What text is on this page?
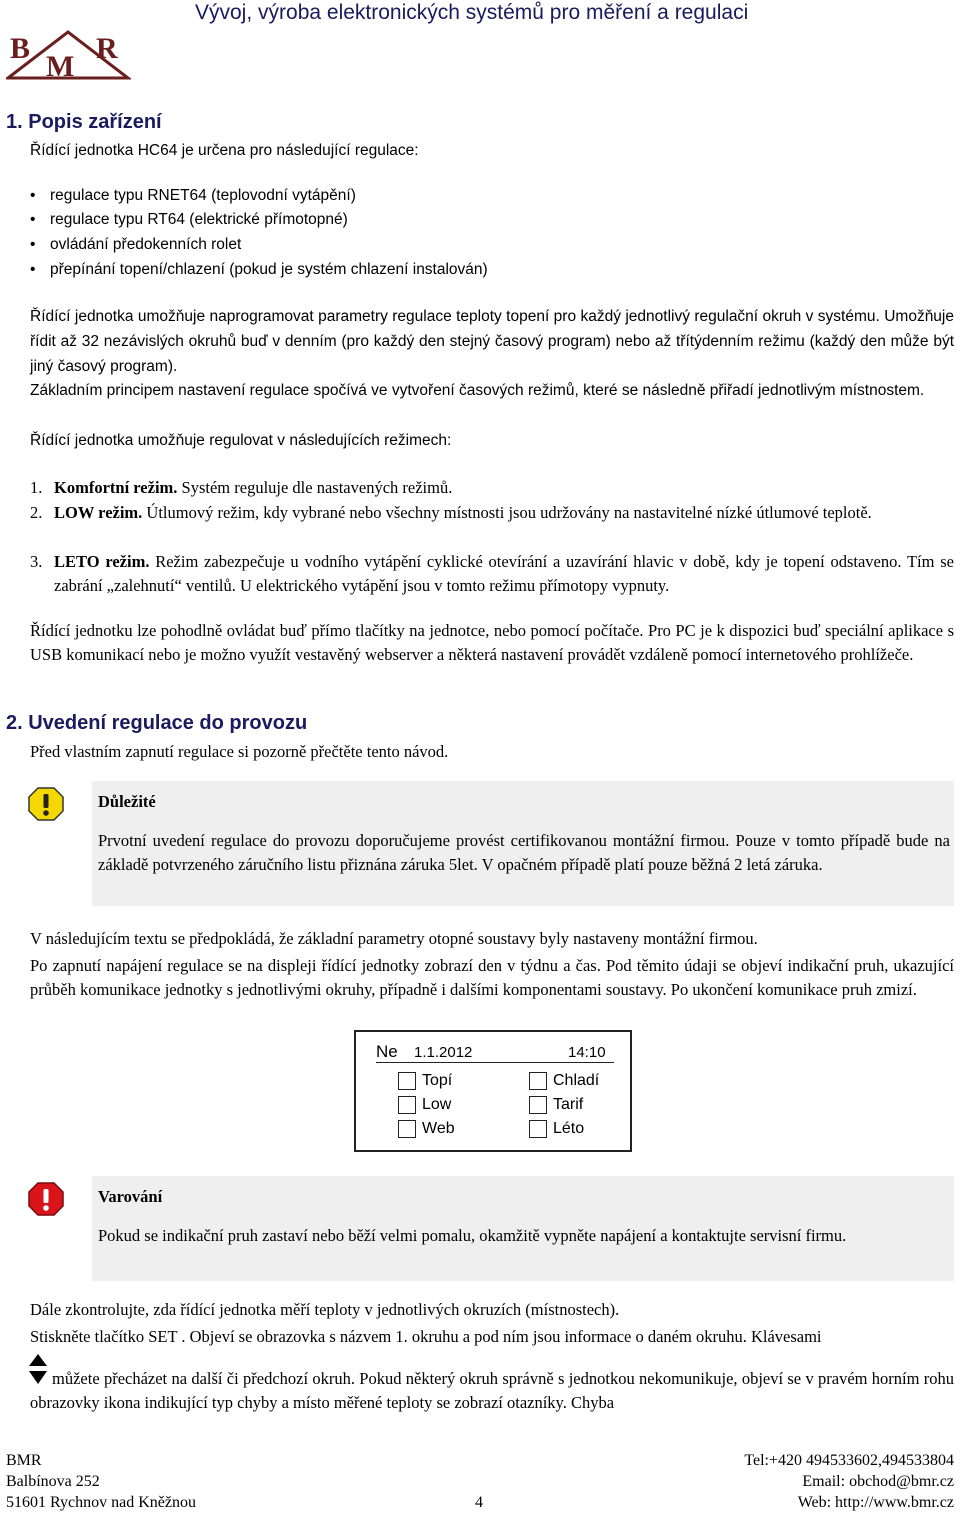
Vývoj, výroba elektronických systémů pro měření a regulaci
B
M
R
1. Popis zařízení
Řídící jednotka HC64 je určena pro následující regulace:
• regulace typu RNET64 (teplovodní vytápění)
• regulace typu RT64 (elektrické přímotopné)
• ovládání předokenních rolet
• přepínání topení/chlazení (pokud je systém chlazení instalován)
Řídící jednotka umožňuje naprogramovat parametry regulace teploty topení pro každý jednotlivý regulační okruh v systému. Umožňuje řídit až 32 nezávislých okruhů buď v denním (pro každý den stejný časový program) nebo až třítýdenním režimu (každý den může být jiný časový program).
Základním principem nastavení regulace spočívá ve vytvoření časových režimů, které se následně přiřadí jednotlivým místnostem.
Řídící jednotka umožňuje regulovat v následujících režimech:
1. Komfortní režim. Systém reguluje dle nastavených režimů.
2. LOW režim. Útlumový režim, kdy vybrané nebo všechny místnosti jsou udržovány na nastavitelné nízké útlumové teplotě.
3. LETO režim. Režim zabezpečuje u vodního vytápění cyklické otevírání a uzavírání hlavic v době, kdy je topení odstaveno. Tím se zabrání „zalehnutí“ ventilů. U elektrického vytápění jsou v tomto režimu přímotopy vypnuty.
Řídící jednotku lze pohodlně ovládat buď přímo tlačítky na jednotce, nebo pomocí počítače. Pro PC je k dispozici buď speciální aplikace s USB komunikací nebo je možno využít vestavěný webserver a některá nastavení provádět vzdáleně pomocí internetového prohlížeče.
2. Uvedení regulace do provozu
Před vlastním zapnutí regulace si pozorně přečtěte tento návod.
Důležité
Prvotní uvedení regulace do provozu doporučujeme provést certifikovanou montážní firmou. Pouze v tomto případě bude na základě potvrzeného záručního listu přiznána záruka 5let. V opačném případě platí pouze běžná 2 letá záruka.
V následujícím textu se předpokládá, že základní parametry otopné soustavy byly nastaveny montážní firmou.
Po zapnutí napájení regulace se na displeji řídící jednotky zobrazí den v týdnu a čas. Pod těmito údaji se objeví indikační pruh, ukazující průběh komunikace jednotky s jednotlivými okruhy, případně i dalšími komponentami soustavy. Po ukončení komunikace pruh zmizí.
Ne 1.1.2012	14:10
Topí
Low
Web
Chladí
Tarif
Léto
Varování
Pokud se indikační pruh zastaví nebo běží velmi pomalu, okamžitě vypněte napájení a kontaktujte servisní firmu.
Dále zkontrolujte, zda řídící jednotka měří teploty v jednotlivých okruzích (místnostech).
Stiskněte tlačítko SET . Objeví se obrazovka s názvem 1. okruhu a pod ním jsou informace o daném okruhu. Klávesami
můžete přecházet na další či předchozí okruh. Pokud některý okruh správně s jednotkou nekomunikuje, objeví se v pravém horním rohu obrazovky ikona indikující typ chyby a místo měřené teploty se zobrazí otazníky. Chyba
BMR
Balbínova 252
51601 Rychnov nad Kněžnou	4
Tel:+420 494533602,494533804
Email: obchod@bmr.cz
Web: http://www.bmr.cz
